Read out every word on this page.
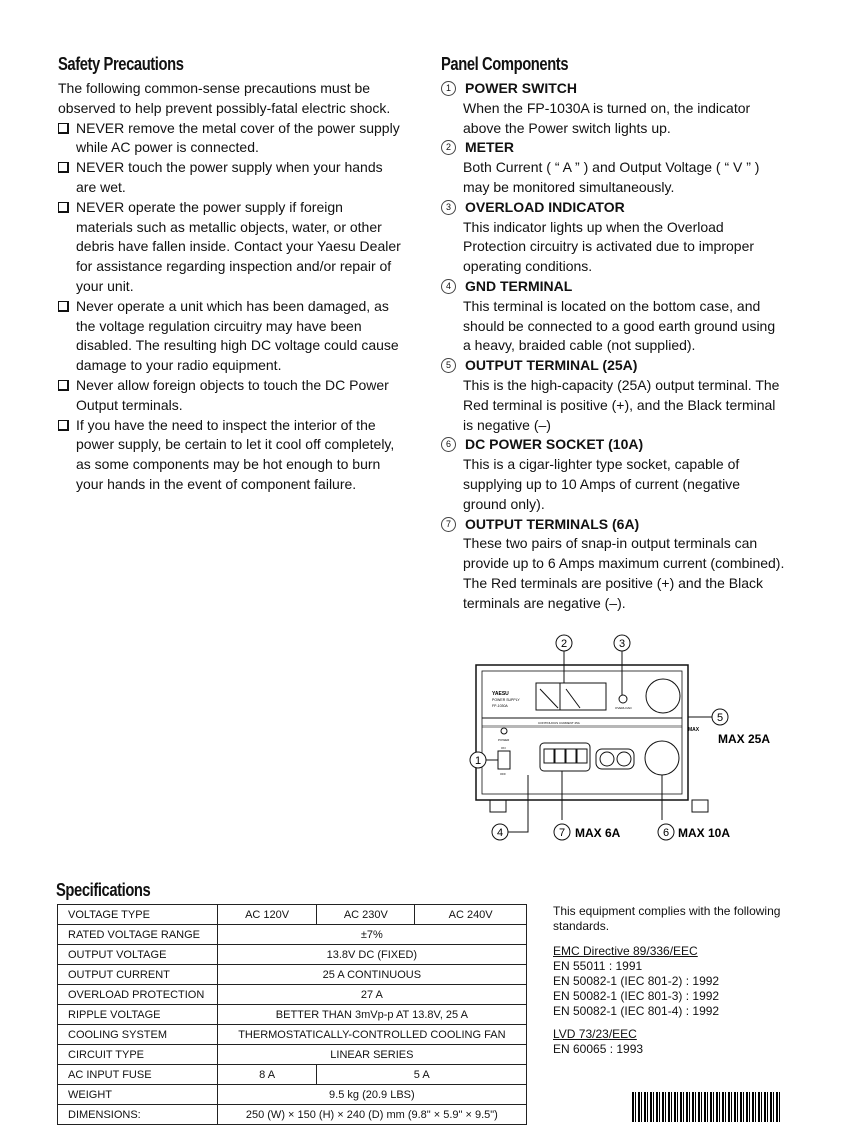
Safety Precautions

The following common-sense precautions must be observed to help prevent possibly-fatal electric shock.

NEVER remove the metal cover of the power supply while AC power is connected.

NEVER touch the power supply when your hands are wet.

NEVER operate the power supply if foreign materials such as metallic objects, water, or other debris have fallen inside. Contact your Yaesu Dealer for assistance regarding inspection and/or repair of your unit.

Never operate a unit which has been damaged, as the voltage regulation circuitry may have been disabled. The resulting high DC voltage could cause damage to your radio equipment.

Never allow foreign objects to touch the DC Power Output terminals.

If you have the need to inspect the interior of the power supply, be certain to let it cool off completely, as some components may be hot enough to burn your hands in the event of component failure.

Panel Components

1	POWER SWITCH

When the FP-1030A is turned on, the indicator above the Power switch lights up.

2	METER

Both Current ( “ A ” ) and Output Voltage ( “ V ” ) may be monitored simultaneously.

3	OVERLOAD INDICATOR

This indicator lights up when the Overload Protection circuitry is activated due to improper operating conditions.

4	GND TERMINAL

This terminal is located on the bottom case, and should be connected to a good earth ground using a heavy, braided cable (not supplied).

5	OUTPUT TERMINAL (25A)

This is the high-capacity (25A) output terminal. The Red terminal is positive (+), and the Black terminal is negative (–)

6	DC POWER SOCKET (10A)

This is a cigar-lighter type socket, capable of supplying up to 10 Amps of current (negative ground only).

7	OUTPUT TERMINALS (6A)

These two pairs of snap-in output terminals can provide up to 6 Amps maximum current (combined). The Red terminals are positive (+) and the Black terminals are negative (–).

YAESU
POWER SUPPLY
FP-1030A	OVERLOAD
CONTINUOUS CURRENT 25A
MAX
POWER
ON
OFF
2	3
5
MAX 25A
1
4	7 MAX 6A	6 MAX 10A
Specifications
VOLTAGE TYPE	AC 120V	AC 230V	AC 240V
RATED VOLTAGE RANGE	±7%		
OUTPUT VOLTAGE	13.8V DC (FIXED)		
OUTPUT CURRENT	25 A CONTINUOUS		
OVERLOAD PROTECTION	27 A		
RIPPLE VOLTAGE	BETTER THAN 3mVp-p AT 13.8V, 25 A		
COOLING SYSTEM	THERMOSTATICALLY-CONTROLLED COOLING FAN		
CIRCUIT TYPE	LINEAR SERIES		
AC INPUT FUSE	8 A	5 A	
WEIGHT	9.5 kg (20.9 LBS)		
DIMENSIONS:	250 (W) × 150 (H) × 240 (D) mm (9.8" × 5.9" × 9.5")		

This equipment complies with the following standards.

EMC Directive 89/336/EEC

EN 55011 : 1991

EN 50082-1 (IEC 801-2) : 1992

EN 50082-1 (IEC 801-3) : 1992

EN 50082-1 (IEC 801-4) : 1992

LVD 73/23/EEC

EN 60065 : 1993
